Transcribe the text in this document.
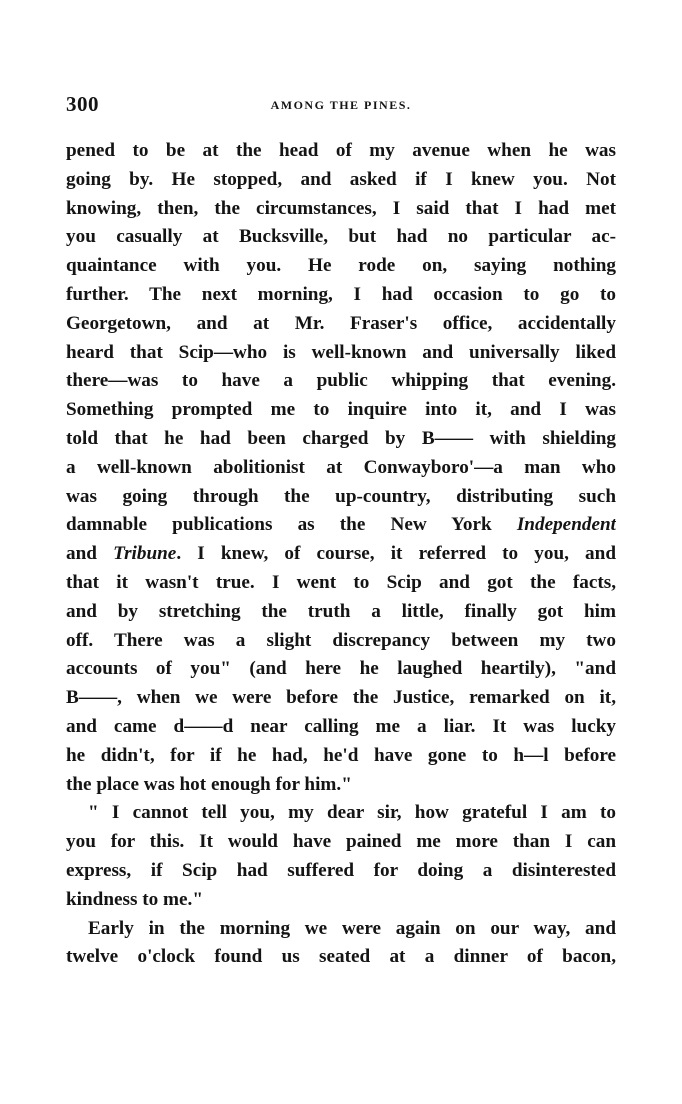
300	AMONG THE PINES.
pened to be at the head of my avenue when he was
going by. He stopped, and asked if I knew you. Not
knowing, then, the circumstances, I said that I had met
you casually at Bucksville, but had no particular ac-
quaintance with you. He rode on, saying nothing
further. The next morning, I had occasion to go to
Georgetown, and at Mr. Fraser's office, accidentally
heard that Scip—who is well-known and universally liked
there—was to have a public whipping that evening.
Something prompted me to inquire into it, and I was
told that he had been charged by B—— with shielding
a well-known abolitionist at Conwayboro'—a man who
was going through the up-country, distributing such
damnable publications as the New York Independent
and Tribune. I knew, of course, it referred to you, and
that it wasn't true. I went to Scip and got the facts,
and by stretching the truth a little, finally got him
off. There was a slight discrepancy between my two
accounts of you" (and here he laughed heartily), "and
B——, when we were before the Justice, remarked on it,
and came d——d near calling me a liar. It was lucky
he didn't, for if he had, he'd have gone to h—l before
the place was hot enough for him."
" I cannot tell you, my dear sir, how grateful I am to
you for this. It would have pained me more than I can
express, if Scip had suffered for doing a disinterested
kindness to me."
Early in the morning we were again on our way, and
twelve o'clock found us seated at a dinner of bacon,
